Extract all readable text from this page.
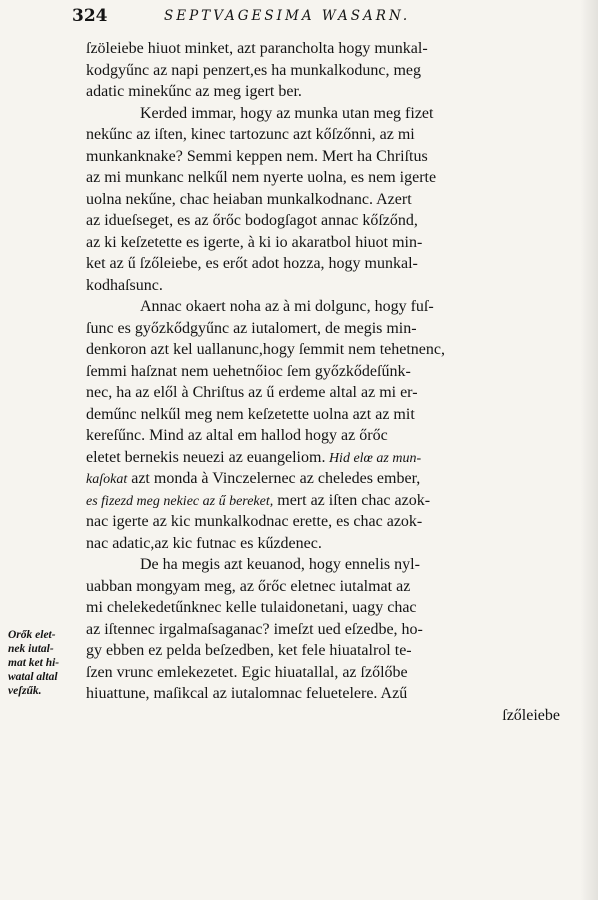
324	SEPTVAGESIMA WASARN.
ſzöleiebe hiuot minket, azt parancholta hogy munkal-
kodgyűnc az napi penzert,es ha munkalkodunc, meg
adatic minekűnc az meg igert ber.
Kerded immar, hogy az munka utan meg fizet
nekűnc az iſten, kinec tartozunc azt kőſzőnni, az mi
munkanknake? Semmi keppen nem. Mert ha Chriſtus
az mi munkanc nelkűl nem nyerte uolna, es nem igerte
uolna nekűne, chac heiaban munkalkodnanc. Azert
az idueſseget, es az őrőc bodogſagot annac kőſzőnd,
az ki keſzetette es igerte, à ki io akaratbol hiuot min-
ket az ű ſzőleiebe, es erőt adot hozza, hogy munkal-
kodhaſsunc.
Annac okaert noha az à mi dolgunc, hogy fuſ-
ſunc es győzkődgyűnc az iutalomert, de megis min-
denkoron azt kel uallanunc,hogy ſemmit nem tehetnenc,
ſemmi haſznat nem uehetnőioc ſem győzkődeſűnk-
nec, ha az elől à Chriſtus az ű erdeme altal az mi er-
deműnc nelkűl meg nem keſzetette uolna azt az mit
kereſűnc. Mind az altal em hallod hogy az őrőc
eletet bernekis neuezi az euangeliom. Hid elœ az mun-
kaſokat azt monda à Vinczelernec az cheledes ember,
es fizezd meg nekiec az ű bereket, mert az iſten chac azok-
nac igerte az kic munkalkodnac erette, es chac azok-
nac adatic,az kic futnac es kűzdenec.
De ha megis azt keuanod, hogy ennelis nyl-
uabban mongyam meg, az őrőc eletnec iutalmat az
mi chelekedetűnknec kelle tulaidonetani, uagy chac
az iſtennec irgalmaſsaganac? imeſzt ued eſzedbe, ho-
gy ebben ez pelda beſzedben, ket fele hiuatalrol te-
ſzen vrunc emlekezetet. Egic hiuatallal, az ſzőlőbe
hiuattune, maſikcal az iutalomnac feluetelere. Azű
ſzőleiebe
Orők elet-
nek iutal-
mat ket hi-
watal altal
veſzűk.
